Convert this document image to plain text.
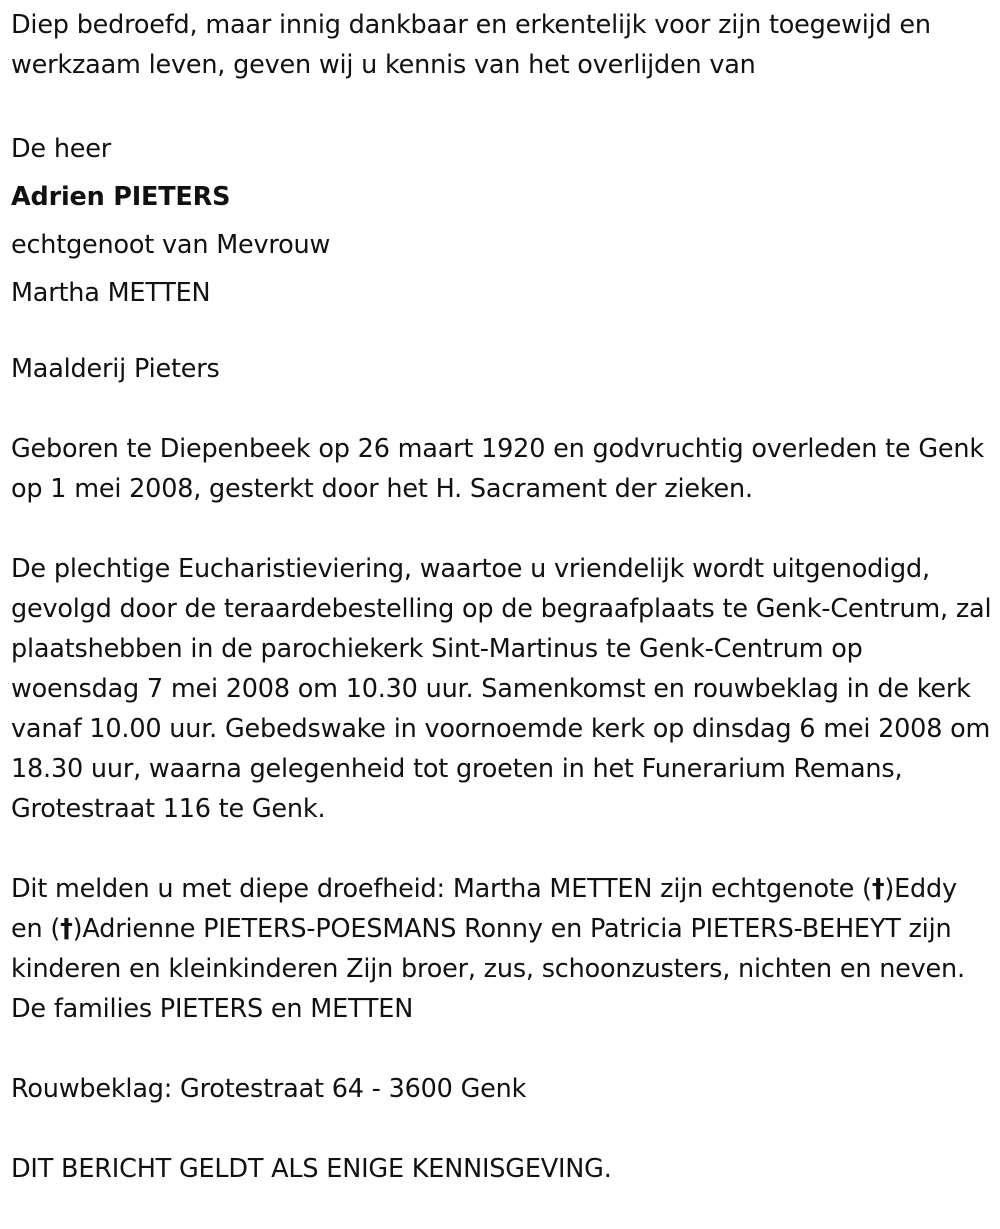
Diep bedroefd, maar innig dankbaar en erkentelijk voor zijn toegewijd en werkzaam leven, geven wij u kennis van het overlijden van

De heer
Adrien PIETERS
echtgenoot van Mevrouw
Martha METTEN

Maalderij Pieters

Geboren te Diepenbeek op 26 maart 1920 en godvruchtig overleden te Genk op 1 mei 2008, gesterkt door het H. Sacrament der zieken.

De plechtige Eucharistieviering, waartoe u vriendelijk wordt uitgenodigd, gevolgd door de teraardebestelling op de begraafplaats te Genk-Centrum, zal plaatshebben in de parochiekerk Sint-Martinus te Genk-Centrum op woensdag 7 mei 2008 om 10.30 uur. Samenkomst en rouwbeklag in de kerk vanaf 10.00 uur. Gebedswake in voornoemde kerk op dinsdag 6 mei 2008 om 18.30 uur, waarna gelegenheid tot groeten in het Funerarium Remans, Grotestraat 116 te Genk.

Dit melden u met diepe droefheid: Martha METTEN zijn echtgenote (†)Eddy en (†)Adrienne PIETERS-POESMANS Ronny en Patricia PIETERS-BEHEYT zijn kinderen en kleinkinderen Zijn broer, zus, schoonzusters, nichten en neven. De families PIETERS en METTEN

Rouwbeklag: Grotestraat 64 - 3600 Genk

DIT BERICHT GELDT ALS ENIGE KENNISGEVING.
